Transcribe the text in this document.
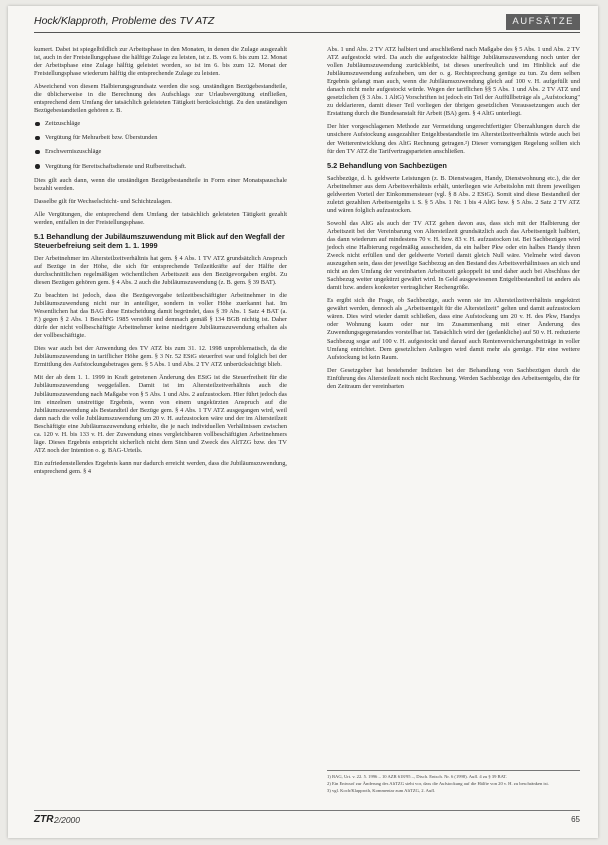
Hock/Klapproth, Probleme des TV ATZ	AUFSÄTZE

kumert. Dabei ist spiegelbildlich zur Arbeitsphase in den Monaten, in denen die Zulage ausgezahlt ist, auch in der Freistellungsphase die hälftige Zulage zu leisten, ist z. B. vom 6. bis zum 12. Monat der Arbeitsphase eine Zulage hälftig geleistet worden, so ist im 6. bis zum 12. Monat der Freistellungsphase wiederum hälftig die entsprechende Zulage zu leisten.

Abweichend von diesem Halbierungsgrundsatz werden die sog. unständigen Bezügebestandteile, die üblicherweise in die Berechnung des Aufschlags zur Urlaubsvergütung einfließen, entsprechend dem Umfang der tatsächlich geleisteten Tätigkeit berücksichtigt. Zu den unständigen Bezügebestandteilen gehören z. B.

Zeitzuschläge
Vergütung für Mehrarbeit bzw. Überstunden
Erschwerniszuschläge
Vergütung für Bereitschaftsdienste und Rufbereitschaft.

Dies gilt auch dann, wenn die unständigen Bezügebestandteile in Form einer Monatspauschale bezahlt werden.

Dasselbe gilt für Wechselschicht- und Schichtzulagen.

Alle Vergütungen, die entsprechend dem Umfang der tatsächlich geleisteten Tätigkeit gezahlt werden, entfallen in der Freistellungsphase.

5.1 Behandlung der Jubiläumszuwendung mit Blick auf den Wegfall der Steuerbefreiung seit dem 1. 1. 1999

Der Arbeitnehmer im Altersteilzeitverhältnis hat gem. § 4 Abs. 1 TV ATZ grundsätzlich Anspruch auf Bezüge in der Höhe, die sich für entsprechende Teilzeitkräfte auf der Hälfte der durchschnittlichen regelmäßigen wöchentlichen Arbeitszeit aus den Bezügevorgaben ergibt. Zu diesen Bezügen gehören gem. § 4 Abs. 2 auch die Jubiläumszuwendung (z. B. gem. § 39 BAT).

Zu beachten ist jedoch, dass die Bezügevorgabe teilzeitbeschäftigter Arbeitnehmer in die Jubiläumszuwendung nicht nur in anteiliger, sondern in voller Höhe zuerkannt hat. Im Wesentlichen hat das BAG diese Entscheidung damit begründet, dass § 39 Abs. 1 Satz 4 BAT (a. F.) gegen § 2 Abs. 1 BeschFG 1985 verstößt und demnach gemäß § 134 BGB nichtig ist. Daher dürfe der nicht vollbeschäftigte Arbeitnehmer keine niedrigere Jubiläumszuwendung erhalten als der vollbeschäftigte.

Dies war auch bei der Anwendung des TV ATZ bis zum 31. 12. 1998 unproblematisch, da die Jubiläumszuwendung in tariflicher Höhe gem. § 3 Nr. 52 EStG steuerfrei war und folglich bei der Ermittlung des Aufstockungsbetrages gem. § 5 Abs. 1 und Abs. 2 TV ATZ unberücksichtigt blieb.

Mit der ab dem 1. 1. 1999 in Kraft getretenen Änderung des EStG ist die Steuerfreiheit für die Jubiläumszuwendung weggefallen. Damit ist im Altersteilzeitverhältnis auch die Jubiläumszuwendung nach Maßgabe von § 5 Abs. 1 und Abs. 2 aufzustocken. Hier führt jedoch das im einzelnen unstreitige Ergebnis, wenn von einem ungekürzten Anspruch auf die Jubiläumszuwendung als Bestandteil der Bezüge gem. § 4 Abs. 1 TV ATZ ausgegangen wird, weil dann nach die volle Jubiläumszuwendung um 20 v. H. aufzustocken wäre und der im Altersteilzeit Beschäftigte eine Jubiläumszuwendung erhielte, die je nach individuellen Verhältnissen zwischen ca. 120 v. H. bis 133 v. H. der Zuwendung eines vergleichbaren vollbeschäftigten Arbeitnehmers läge. Dieses Ergebnis entspricht sicherlich nicht dem Sinn und Zweck des AltTZG bzw. des TV ATZ noch der Intention o. g. BAG-Urteils.

Ein zufriedenstellendes Ergebnis kann nur dadurch erreicht werden, dass die Jubiläumszuwendung, entsprechend gem. § 4

Abs. 1 und Abs. 2 TV ATZ halbiert und anschließend nach Maßgabe des § 5 Abs. 1 und Abs. 2 TV ATZ aufgestockt wird. Da auch die aufgestockte hälftige Jubiläumszuwendung noch unter der vollen Jubiläumszuwendung zurückbleibt, ist dieses unerfreulich und im Hinblick auf die Jubiläumszuwendung aufzuheben, um der o. g. Rechtsprechung genüge zu tun. Zu dem selben Ergebnis gelangt man auch, wenn die Jubiläumszuwendung gleich auf 100 v. H. aufgefüllt und danach nicht mehr aufgestockt würde. Wegen der tariflichen §§ 5 Abs. 1 und Abs. 2 TV ATZ und gesetzlichen (§ 3 Abs. 1 AltG) Vorschriften ist jedoch ein Teil der Auffüllbeträge als „Aufstockung" zu deklarieren, damit dieser Teil vorliegen der übrigen gesetzlichen Voraussetzungen auch der Erstattung durch die Bundesanstalt für Arbeit (BA) gem. § 4 AltG unterliegt.

Der hier vorgeschlagenen Methode zur Vermeidung ungerechtfertigter Überzahlungen durch die unsichere Aufstockung ausgezahlter Entgeltbestandteile im Altersteilzeitverhältnis würde auch bei der Weiterentwicklung des AltG Rechnung getragen.²) Dieser vorrangigen Regelung sollten sich für den TV ATZ die Tarifvertragsparteien anschließen.

5.2 Behandlung von Sachbezügen

Sachbezüge, d. h. geldwerte Leistungen (z. B. Dienstwagen, Handy, Dienstwohnung etc.), die der Arbeitnehmer aus dem Arbeitsverhältnis erhält, unterliegen wie Arbeitslohn mit ihrem jeweiligen geldwerten Vorteil der Einkommensteuer (vgl. § 8 Abs. 2 EStG). Somit sind diese Bestandteil der zuletzt gezahlten Arbeitsentgelts i. S. § 5 Abs. 1 Nr. 1 bis 4 AltG bzw. § 5 Abs. 2 Satz 2 TV ATZ und wären folglich aufzustocken.

Sowohl das AltG als auch der TV ATZ gehen davon aus, dass sich mit der Halbierung der Arbeitszeit bei der Vereinbarung von Altersteilzeit grundsätzlich auch das Arbeitsentgelt halbiert, das dann wiederum auf mindestens 70 v. H. bzw. 83 v. H. aufzustocken ist. Bei Sachbezügen wird jedoch eine Halbierung regelmäßig ausscheiden, da ein halber Pkw oder ein halbes Handy ihren Zweck nicht erfüllen und der geldwerte Vorteil damit gleich Null wäre. Vielmehr wird davon auszugehen sein, dass der jeweilige Sachbezug an den Bestand des Arbeitsverhältnisses an sich und nicht an den Umfang der vereinbarten Arbeitszeit gekoppelt ist und daher auch bei Abschluss der Sachbezug weiter ungekürzt gewährt wird. In Geld ausgewiesenen Entgeltbestandteil ist anders als damit bzw. anders konkreter vertraglicher Rechengröße.

Es ergibt sich die Frage, ob Sachbezüge, auch wenn sie im Altersteilzeitverhältnis ungekürzt gewährt werden, dennoch als „Arbeitsentgelt für die Altersteilzeit" gelten und damit aufzustocken wären. Dies wird wieder damit schließen, dass eine Aufstockung um 20 v. H. des Pkw, Handys oder Wohnung kaum oder nur im Zusammenhang mit einer Änderung des Zuwendungsgegenstandes vorstellbar ist. Tatsächlich wird der (gedankliche) auf 50 v. H. reduzierte Sachbezug sogar auf 100 v. H. aufgestockt und darauf auch Rentenversicherungsbeiträge in voller Umfang entrichtet. Dem gesetzlichen Anliegen wird damit mehr als genüge. Für eine weitere Aufstockung ist kein Raum.

Der Gesetzgeber hat bestehender Indizien bei der Behandlung von Sachbezügen durch die Einführung des Altersteilzeit noch nicht Rechnung. Werden Sachbezüge des Arbeitsentgelts, die für den Zeitraum der vereinbarten

1) BAG, Urt. v. 22. 5. 1996 – 10 AZR 618/95 –, Dtsch. Entsch. Nr. 6 (1998). Aufl. 4 zu § 39 BAT.

2) Ein Entwurf zur Änderung des AltTZG sieht vor, dass die Aufstockung auf die Hälfte von 20 v. H. zu beschränken ist.

3) vgl. Koch/Klapproth, Kommentar zum AltTZG, 2. Aufl.

ZTR 2/2000	65
